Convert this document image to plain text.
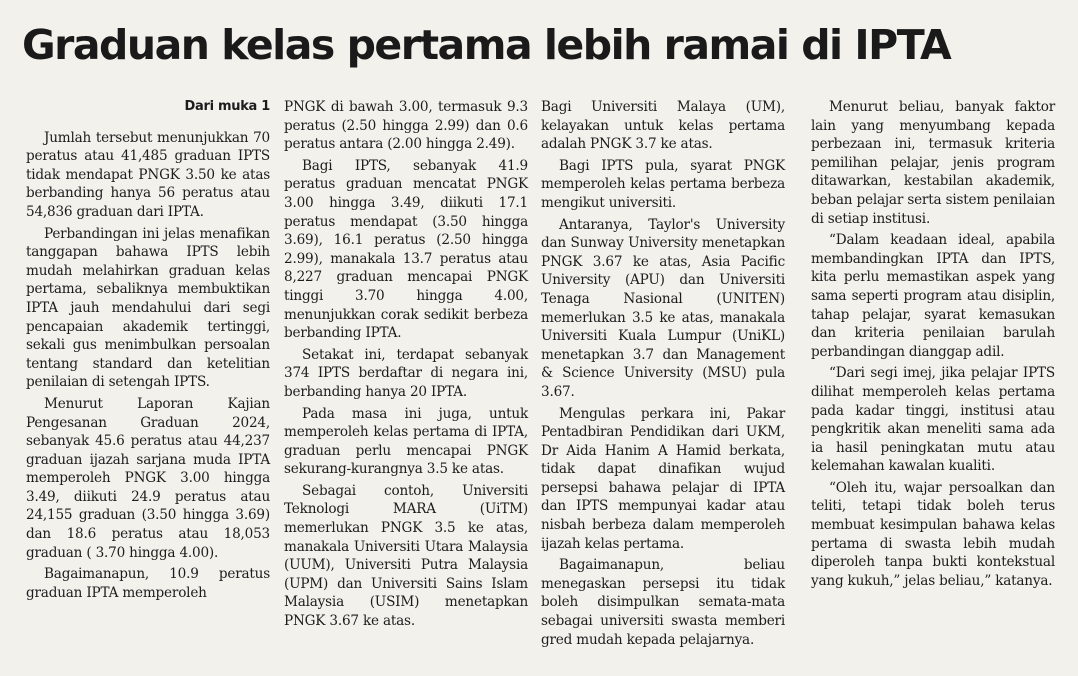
Graduan kelas pertama lebih ramai di IPTA
Dari muka 1

Jumlah tersebut menunjukkan 70 peratus atau 41,485 graduan IPTS tidak mendapat PNGK 3.50 ke atas berbanding hanya 56 peratus atau 54,836 graduan dari IPTA.

Perbandingan ini jelas menafikan tanggapan bahawa IPTS lebih mudah melahirkan graduan kelas pertama, sebaliknya membuktikan IPTA jauh mendahului dari segi pencapaian akademik tertinggi, sekali gus menimbulkan persoalan tentang standard dan ketelitian penilaian di setengah IPTS.

Menurut Laporan Kajian Pengesanan Graduan 2024, sebanyak 45.6 peratus atau 44,237 graduan ijazah sarjana muda IPTA memperoleh PNGK 3.00 hingga 3.49, diikuti 24.9 peratus atau 24,155 graduan (3.50 hingga 3.69) dan 18.6 peratus atau 18,053 graduan ( 3.70 hingga 4.00).

Bagaimanapun, 10.9 peratus graduan IPTA memperoleh

PNGK di bawah 3.00, termasuk 9.3 peratus (2.50 hingga 2.99) dan 0.6 peratus antara (2.00 hingga 2.49).

Bagi IPTS, sebanyak 41.9 peratus graduan mencatat PNGK 3.00 hingga 3.49, diikuti 17.1 peratus mendapat (3.50 hingga 3.69), 16.1 peratus (2.50 hingga 2.99), manakala 13.7 peratus atau 8,227 graduan mencapai PNGK tinggi 3.70 hingga 4.00, menunjukkan corak sedikit berbeza berbanding IPTA.

Setakat ini, terdapat sebanyak 374 IPTS berdaftar di negara ini, berbanding hanya 20 IPTA.

Pada masa ini juga, untuk memperoleh kelas pertama di IPTA, graduan perlu mencapai PNGK sekurang-kurangnya 3.5 ke atas.

Sebagai contoh, Universiti Teknologi MARA (UiTM) memerlukan PNGK 3.5 ke atas, manakala Universiti Utara Malaysia (UUM), Universiti Putra Malaysia (UPM) dan Universiti Sains Islam Malaysia (USIM) menetapkan PNGK 3.67 ke atas.

Bagi Universiti Malaya (UM), kelayakan untuk kelas pertama adalah PNGK 3.7 ke atas.

Bagi IPTS pula, syarat PNGK memperoleh kelas pertama berbeza mengikut universiti.

Antaranya, Taylor's University dan Sunway University menetapkan PNGK 3.67 ke atas, Asia Pacific University (APU) dan Universiti Tenaga Nasional (UNITEN) memerlukan 3.5 ke atas, manakala Universiti Kuala Lumpur (UniKL) menetapkan 3.7 dan Management & Science University (MSU) pula 3.67.

Mengulas perkara ini, Pakar Pentadbiran Pendidikan dari UKM, Dr Aida Hanim A Hamid berkata, tidak dapat dinafikan wujud persepsi bahawa pelajar di IPTA dan IPTS mempunyai kadar atau nisbah berbeza dalam memperoleh ijazah kelas pertama.

Bagaimanapun, beliau menegaskan persepsi itu tidak boleh disimpulkan semata-mata sebagai universiti swasta memberi gred mudah kepada pelajarnya.

Menurut beliau, banyak faktor lain yang menyumbang kepada perbezaan ini, termasuk kriteria pemilihan pelajar, jenis program ditawarkan, kestabilan akademik, beban pelajar serta sistem penilaian di setiap institusi.

“Dalam keadaan ideal, apabila membandingkan IPTA dan IPTS, kita perlu memastikan aspek yang sama seperti program atau disiplin, tahap pelajar, syarat kemasukan dan kriteria penilaian barulah perbandingan dianggap adil.

“Dari segi imej, jika pelajar IPTS dilihat memperoleh kelas pertama pada kadar tinggi, institusi atau pengkritik akan meneliti sama ada ia hasil peningkatan mutu atau kelemahan kawalan kualiti.

“Oleh itu, wajar persoalkan dan teliti, tetapi tidak boleh terus membuat kesimpulan bahawa kelas pertama di swasta lebih mudah diperoleh tanpa bukti kontekstual yang kukuh,” jelas beliau,” katanya.
